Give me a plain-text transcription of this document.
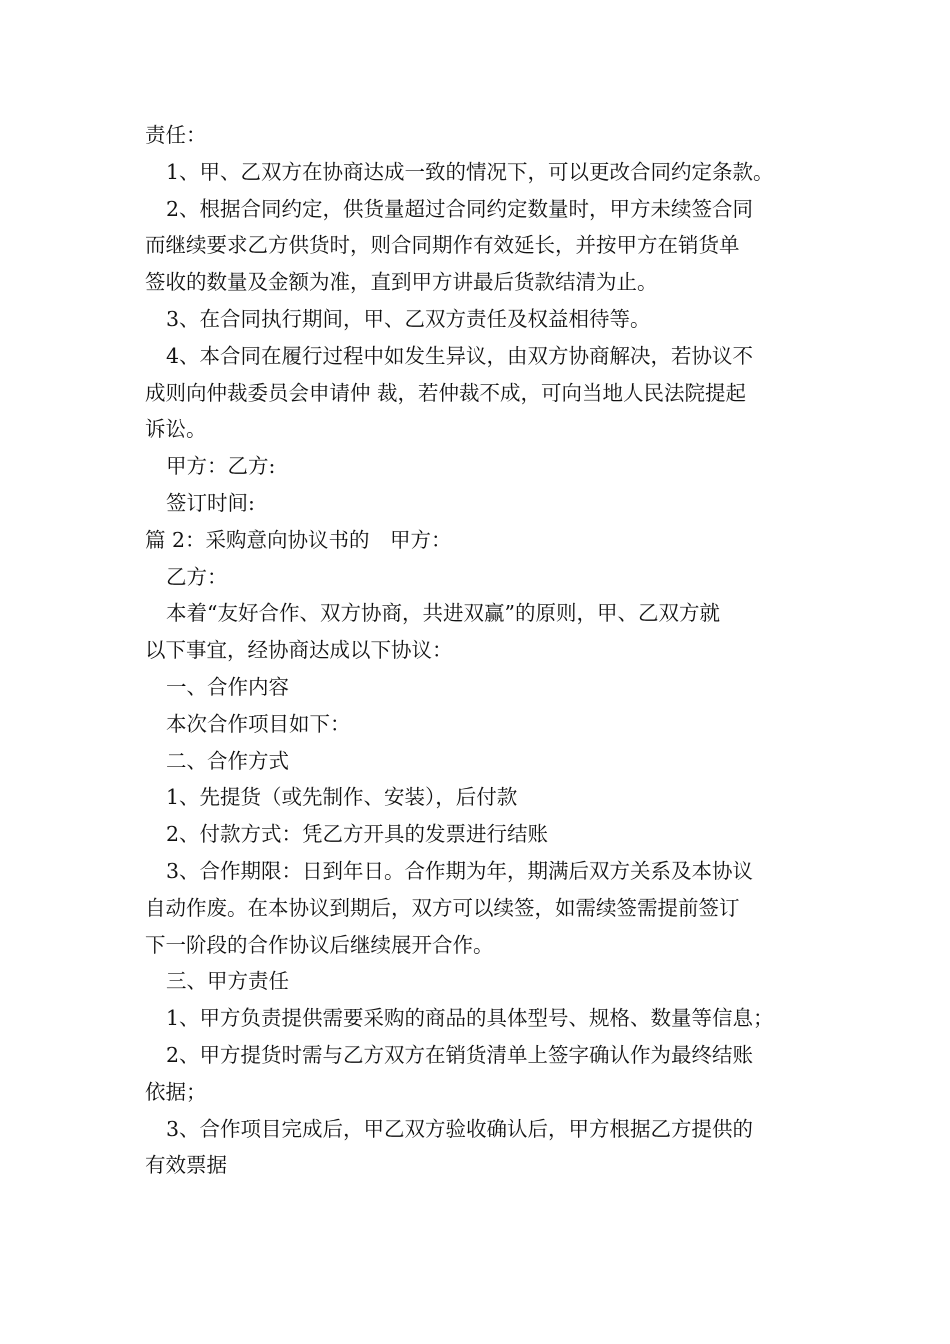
责任：

1、甲、乙双方在协商达成一致的情况下，可以更改合同约定条款。

2、根据合同约定，供货量超过合同约定数量时，甲方未续签合同

而继续要求乙方供货时，则合同期作有效延长，并按甲方在销货单

签收的数量及金额为准，直到甲方讲最后货款结清为止。

3、在合同执行期间，甲、乙双方责任及权益相待等。

4、本合同在履行过程中如发生异议，由双方协商解决，若协议不

成则向仲裁委员会申请仲 裁，若仲裁不成，可向当地人民法院提起

诉讼。

甲方：乙方:

签订时间:

篇 2：采购意向协议书的　甲方：

乙方：

本着“友好合作、双方协商，共进双赢”的原则，甲、乙双方就

以下事宜，经协商达成以下协议：

一、合作内容

本次合作项目如下：

二、合作方式

1、先提货（或先制作、安装），后付款

2、付款方式：凭乙方开具的发票进行结账

3、合作期限：日到年日。合作期为年，期满后双方关系及本协议

自动作废。在本协议到期后，双方可以续签，如需续签需提前签订

下一阶段的合作协议后继续展开合作。

三、甲方责任

1、甲方负责提供需要采购的商品的具体型号、规格、数量等信息；

2、甲方提货时需与乙方双方在销货清单上签字确认作为最终结账

依据；

3、合作项目完成后，甲乙双方验收确认后，甲方根据乙方提供的

有效票据
